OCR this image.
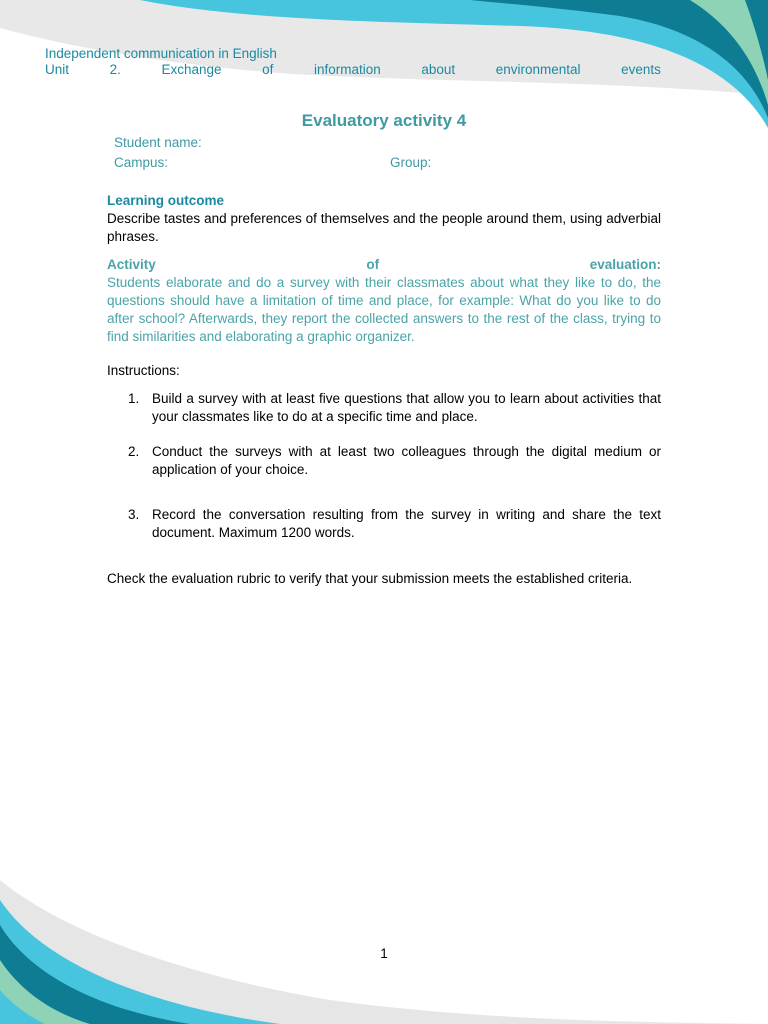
Independent communication in English
Unit	2.	Exchange	of	information	about	environmental	events
Evaluatory activity 4
Student name:
Campus:	Group:
Learning outcome
Describe tastes and preferences of themselves and the people around them, using adverbial phrases.
Activity	of	evaluation:
Students elaborate and do a survey with their classmates about what they like to do, the questions should have a limitation of time and place, for example: What do you like to do after school? Afterwards, they report the collected answers to the rest of the class, trying to find similarities and elaborating a graphic organizer.
Instructions:
1. Build a survey with at least five questions that allow you to learn about activities that your classmates like to do at a specific time and place.
2. Conduct the surveys with at least two colleagues through the digital medium or application of your choice.
3. Record the conversation resulting from the survey in writing and share the text document. Maximum 1200 words.
Check the evaluation rubric to verify that your submission meets the established criteria.
1
